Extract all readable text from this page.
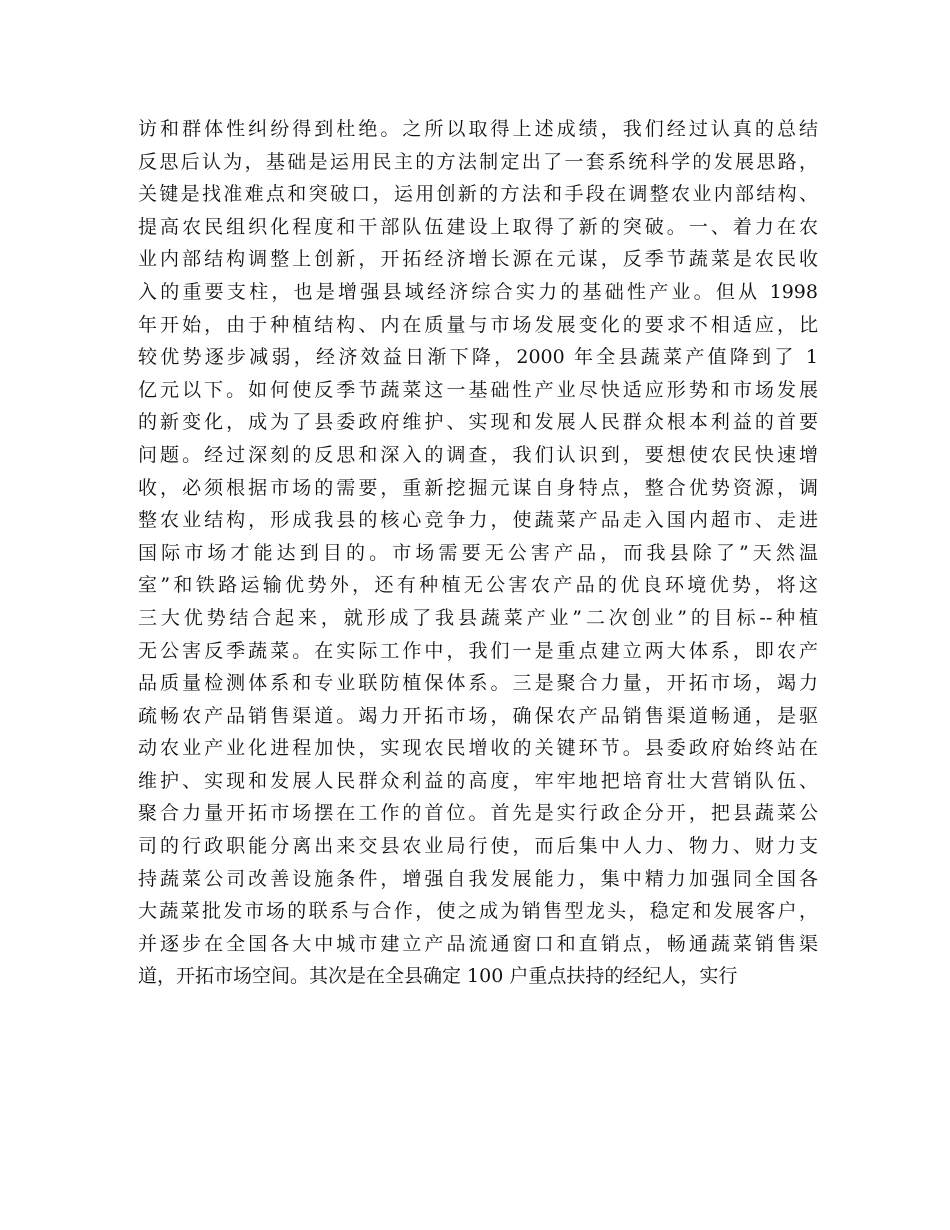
访和群体性纠纷得到杜绝。之所以取得上述成绩，我们经过认真的总结
反思后认为，基础是运用民主的方法制定出了一套系统科学的发展思路，
关键是找准难点和突破口，运用创新的方法和手段在调整农业内部结构、
提高农民组织化程度和干部队伍建设上取得了新的突破。一、着力在农
业内部结构调整上创新，开拓经济增长源在元谋，反季节蔬菜是农民收
入的重要支柱，也是增强县域经济综合实力的基础性产业。但从 1998
年开始，由于种植结构、内在质量与市场发展变化的要求不相适应，比
较优势逐步减弱，经济效益日渐下降，2000 年全县蔬菜产值降到了 1
亿元以下。如何使反季节蔬菜这一基础性产业尽快适应形势和市场发展
的新变化，成为了县委政府维护、实现和发展人民群众根本利益的首要
问题。经过深刻的反思和深入的调查，我们认识到，要想使农民快速增
收，必须根据市场的需要，重新挖掘元谋自身特点，整合优势资源，调
整农业结构，形成我县的核心竞争力，使蔬菜产品走入国内超市、走进
国际市场才能达到目的。市场需要无公害产品，而我县除了”天然温
室”和铁路运输优势外，还有种植无公害农产品的优良环境优势，将这
三大优势结合起来，就形成了我县蔬菜产业”二次创业”的目标--种植
无公害反季蔬菜。在实际工作中，我们一是重点建立两大体系，即农产
品质量检测体系和专业联防植保体系。三是聚合力量，开拓市场，竭力
疏畅农产品销售渠道。竭力开拓市场，确保农产品销售渠道畅通，是驱
动农业产业化进程加快，实现农民增收的关键环节。县委政府始终站在
维护、实现和发展人民群众利益的高度，牢牢地把培育壮大营销队伍、
聚合力量开拓市场摆在工作的首位。首先是实行政企分开，把县蔬菜公
司的行政职能分离出来交县农业局行使，而后集中人力、物力、财力支
持蔬菜公司改善设施条件，增强自我发展能力，集中精力加强同全国各
大蔬菜批发市场的联系与合作，使之成为销售型龙头，稳定和发展客户，
并逐步在全国各大中城市建立产品流通窗口和直销点，畅通蔬菜销售渠
道，开拓市场空间。其次是在全县确定 100 户重点扶持的经纪人，实行
